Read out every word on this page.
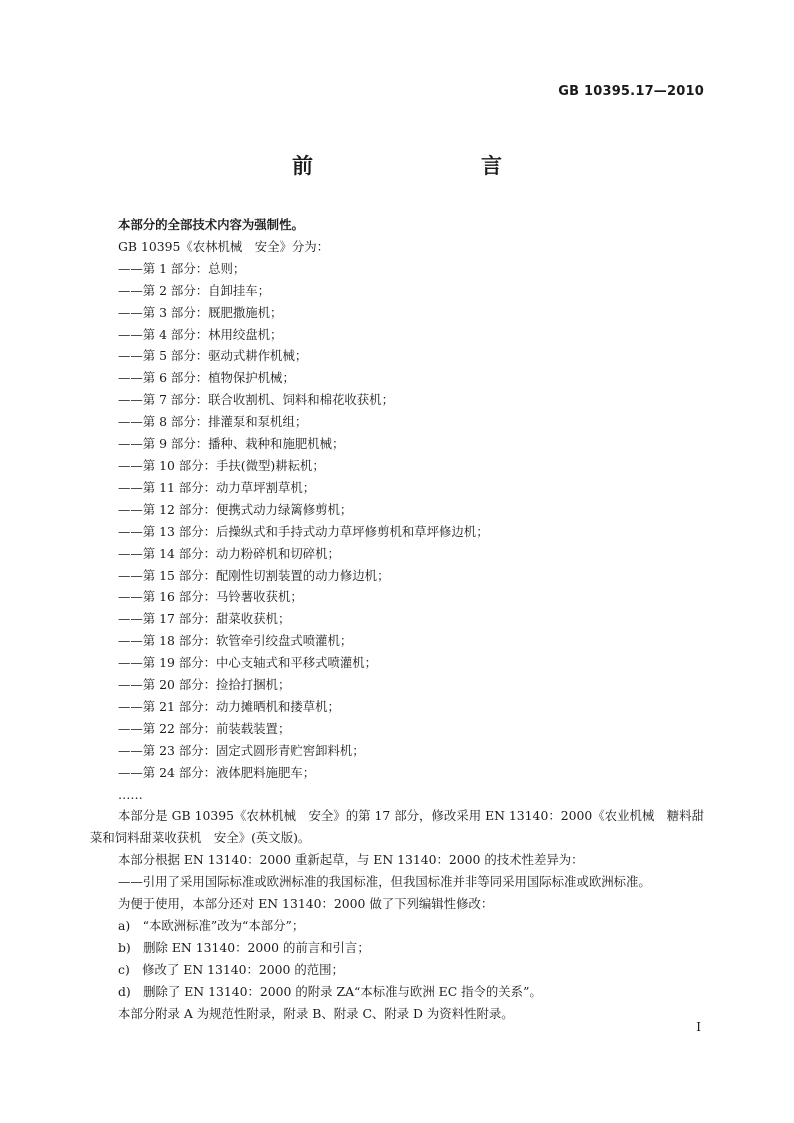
GB 10395.17—2010
前　　言

本部分的全部技术内容为强制性。

GB 10395《农林机械　安全》分为：

——第 1 部分：总则；

——第 2 部分：自卸挂车；

——第 3 部分：厩肥撒施机；

——第 4 部分：林用绞盘机；

——第 5 部分：驱动式耕作机械；

——第 6 部分：植物保护机械；

——第 7 部分：联合收割机、饲料和棉花收获机；

——第 8 部分：排灌泵和泵机组；

——第 9 部分：播种、栽种和施肥机械；

——第 10 部分：手扶(微型)耕耘机；

——第 11 部分：动力草坪割草机；

——第 12 部分：便携式动力绿篱修剪机；

——第 13 部分：后操纵式和手持式动力草坪修剪机和草坪修边机；

——第 14 部分：动力粉碎机和切碎机；

——第 15 部分：配刚性切割装置的动力修边机；

——第 16 部分：马铃薯收获机；

——第 17 部分：甜菜收获机；

——第 18 部分：软管牵引绞盘式喷灌机；

——第 19 部分：中心支轴式和平移式喷灌机；

——第 20 部分：捡拾打捆机；

——第 21 部分：动力摊晒机和搂草机；

——第 22 部分：前装载装置；

——第 23 部分：固定式圆形青贮窖卸料机；

——第 24 部分：液体肥料施肥车；

……

本部分是 GB 10395《农林机械　安全》的第 17 部分，修改采用 EN 13140：2000《农业机械　糖料甜菜和饲料甜菜收获机　安全》(英文版)。

本部分根据 EN 13140：2000 重新起草，与 EN 13140：2000 的技术性差异为：

——引用了采用国际标准或欧洲标准的我国标准，但我国标准并非等同采用国际标准或欧洲标准。

为便于使用，本部分还对 EN 13140：2000 做了下列编辑性修改：

a)　“本欧洲标准”改为“本部分”；

b)　删除 EN 13140：2000 的前言和引言；

c)　修改了 EN 13140：2000 的范围；

d)　删除了 EN 13140：2000 的附录 ZA“本标准与欧洲 EC 指令的关系”。

本部分附录 A 为规范性附录，附录 B、附录 C、附录 D 为资料性附录。

I
